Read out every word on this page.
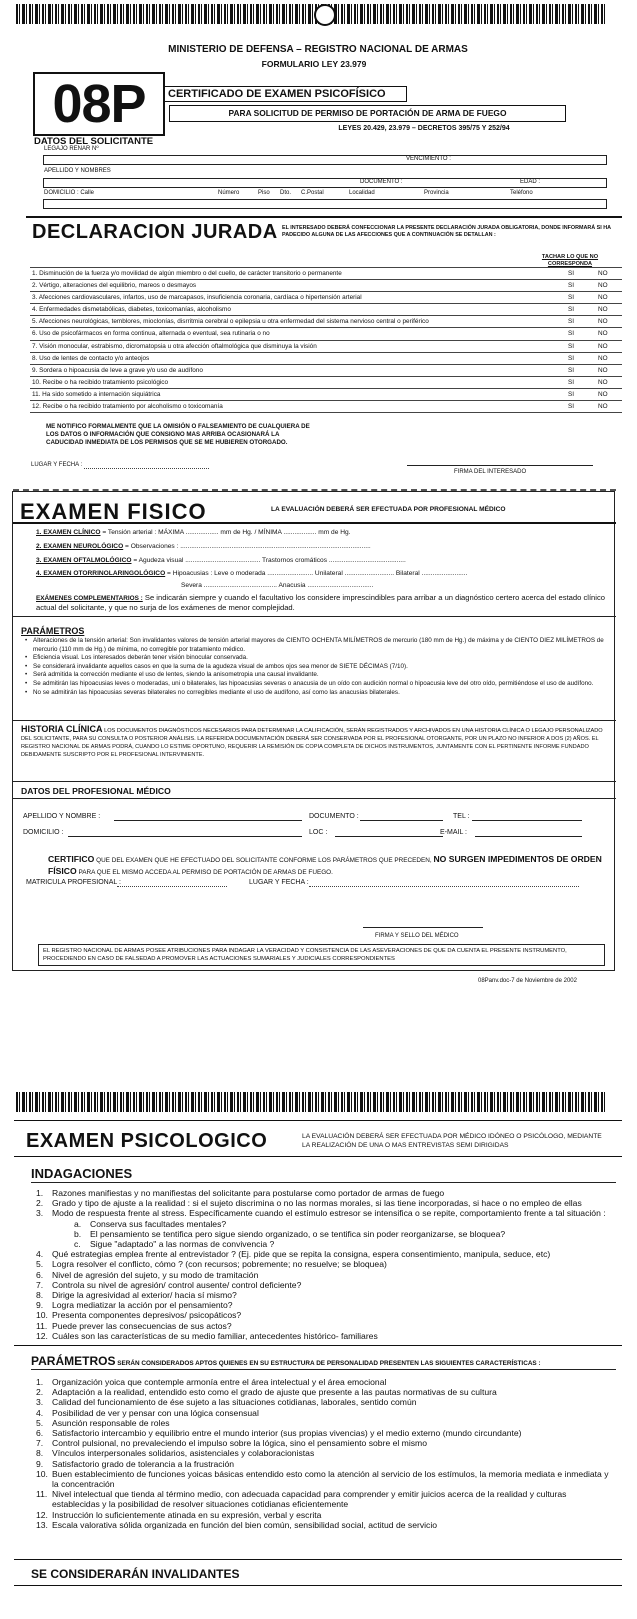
MINISTERIO DE DEFENSA – REGISTRO NACIONAL DE ARMAS
FORMULARIO LEY 23.979
08P	CERTIFICADO DE EXAMEN PSICOFÍSICO
PARA SOLICITUD DE PERMISO DE PORTACIÓN DE ARMA DE FUEGO
LEYES 20.429, 23.979 – DECRETOS 395/75 Y 252/94
DATOS DEL SOLICITANTE
LEGAJO RENAR Nº
VENCIMIENTO :
APELLIDO Y NOMBRES
DOCUMENTO :	EDAD :
DOMICILIO : Calle	Número	Piso Dto. C.Postal	Localidad	Provincia	Teléfono
DECLARACION JURADA EL INTERESADO DEBERÁ CONFECCIONAR LA PRESENTE DECLARACIÓN JURADA OBLIGATORIA, DONDE INFORMARÁ SI HA PADECIDO ALGUNA DE LAS AFECCIONES QUE A CONTINUACIÓN SE DETALLAN :
TACHAR LO QUE NO CORRESPONDA
1. Disminución de la fuerza y/o movilidad de algún miembro o del cuello, de carácter transitorio o permanente	SI	NO
2. Vértigo, alteraciones del equilibrio, mareos o desmayos	SI	NO
3. Afecciones cardiovasculares, infartos, uso de marcapasos, insuficiencia coronaria, cardíaca o hipertensión arterial	SI	NO
4. Enfermedades dismetabólicas, diabetes, toxicomanías, alcoholismo	SI	NO
5. Afecciones neurológicas, temblores, mioclonías, disrritmia cerebral o epilepsia u otra enfermedad del sistema nervioso central o periférico	SI	NO
6. Uso de psicofármacos en forma continua, alternada o eventual, sea rutinaria o no	SI	NO
7. Visión monocular, estrabismo, dicromatopsia u otra afección oftalmológica que disminuya la visión	SI	NO
8. Uso de lentes de contacto y/o anteojos	SI	NO
9. Sordera o hipoacusia de leve a grave y/o uso de audífono	SI	NO
10. Recibe o ha recibido tratamiento psicológico	SI	NO
11. Ha sido sometido a internación siquiátrica	SI	NO
12. Recibe o ha recibido tratamiento por alcoholismo o toxicomanía	SI	NO
ME NOTIFICO FORMALMENTE QUE LA OMISIÓN O FALSEAMIENTO DE CUALQUIERA DE LOS DATOS O INFORMACIÓN QUE CONSIGNO MAS ARRIBA OCASIONARÁ LA CADUCIDAD INMEDIATA DE LOS PERMISOS QUE SE ME HUBIEREN OTORGADO.
LUGAR Y FECHA :
FIRMA DEL INTERESADO
EXAMEN FISICO	LA EVALUACIÓN DEBERÁ SER EFECTUADA POR PROFESIONAL MÉDICO
1. EXAMEN CLÍNICO = Tensión arterial : MÁXIMA .................. mm de Hg. / MÍNIMA .................. mm de Hg.
2. EXAMEN NEUROLÓGICO = Observaciones : ........................................................................................................
3. EXAMEN OFTALMOLÓGICO = Agudeza visual ......................................... Trastornos cromáticos ..........................................
4. EXAMEN OTORRINOLARINGOLÓGICO = Hipoacusias : Leve o moderada ......................... Unilateral ........................... Bilateral .........................
Severa ........................................ Anacusia ....................................
EXÁMENES COMPLEMENTARIOS : Se indicarán siempre y cuando el facultativo los considere imprescindibles para arribar a un diagnóstico certero acerca del estado clínico actual del solicitante, y que no surja de los exámenes de menor complejidad.
PARÁMETROS
• Alteraciones de la tensión arterial: Son invalidantes valores de tensión arterial mayores de CIENTO OCHENTA MILÍMETROS de mercurio (180 mm de Hg.) de máxima y de CIENTO DIEZ MILÍMETROS de mercurio (110 mm de Hg.) de mínima, no corregible por tratamiento médico.
• Eficiencia visual. Los interesados deberán tener visión binocular conservada.
• Se considerará invalidante aquellos casos en que la suma de la agudeza visual de ambos ojos sea menor de SIETE DÉCIMAS (7/10).
• Será admitida la corrección mediante el uso de lentes, siendo la anisometropia una causal invalidante.
• Se admitirán las hipoacusias leves o moderadas, uni o bilaterales, las hipoacusias severas o anacusia de un oído con audición normal o hipoacusia leve del otro oído, permitiéndose el uso de audífono.
• No se admitirán las hipoacusias severas bilaterales no corregibles mediante el uso de audífono, así como las anacusias bilaterales.
HISTORIA CLÍNICA LOS DOCUMENTOS DIAGNÓSTICOS NECESARIOS PARA DETERMINAR LA CALIFICACIÓN, SERÁN REGISTRADOS Y ARCHIVADOS EN UNA HISTORIA CLÍNICA O LEGAJO PERSONALIZADO DEL SOLICITANTE, PARA SU CONSULTA O POSTERIOR ANÁLISIS. LA REFERIDA DOCUMENTACIÓN DEBERÁ SER CONSERVADA POR EL PROFESIONAL OTORGANTE, POR UN PLAZO NO INFERIOR A DOS (2) AÑOS. EL REGISTRO NACIONAL DE ARMAS PODRÁ, CUANDO LO ESTIME OPORTUNO, REQUERIR LA REMISIÓN DE COPIA COMPLETA DE DICHOS INSTRUMENTOS, JUNTAMENTE CON EL PERTINENTE INFORME FUNDADO DEBIDAMENTE SUSCRIPTO POR EL PROFESIONAL INTERVINIENTE.
DATOS DEL PROFESIONAL MÉDICO
APELLIDO Y NOMBRE :	DOCUMENTO :	TEL :
DOMICILIO :	LOC :	E-MAIL :
CERTIFICO QUE DEL EXAMEN QUE HE EFECTUADO DEL SOLICITANTE CONFORME LOS PARÁMETROS QUE PRECEDEN, NO SURGEN IMPEDIMENTOS DE ORDEN FÍSICO PARA QUE EL MISMO ACCEDA AL PERMISO DE PORTACIÓN DE ARMAS DE FUEGO.
MATRICULA PROFESIONAL :	LUGAR Y FECHA :
FIRMA Y SELLO DEL MÉDICO
EL REGISTRO NACIONAL DE ARMAS POSEE ATRIBUCIONES PARA INDAGAR LA VERACIDAD Y CONSISTENCIA DE LAS ASEVERACIONES DE QUE DA CUENTA EL PRESENTE INSTRUMENTO, PROCEDIENDO EN CASO DE FALSEDAD A PROMOVER LAS ACTUACIONES SUMARIALES Y JUDICIALES CORRESPONDIENTES
08Panv.doc-7 de Noviembre de 2002
EXAMEN PSICOLOGICO	LA EVALUACIÓN DEBERÁ SER EFECTUADA POR MÉDICO IDÓNEO O PSICÓLOGO, MEDIANTE LA REALIZACIÓN DE UNA O MAS ENTREVISTAS SEMI DIRIGIDAS
INDAGACIONES
1. Razones manifiestas y no manifiestas del solicitante para postularse como portador de armas de fuego
2. Grado y tipo de ajuste a la realidad : si el sujeto discrimina o no las normas morales, si las tiene incorporadas, si hace o no empleo de ellas
3. Modo de respuesta frente al stress. Específicamente cuando el estímulo estresor se intensifica o se repite, comportamiento frente a tal situación :
a. Conserva sus facultades mentales?
b. El pensamiento se tentifica pero sigue siendo organizado, o se tentifica sin poder reorganizarse, se bloquea?
c. Sigue "adaptado" a las normas de convivencia ?
4. Qué estrategias emplea frente al entrevistador ? (Ej. pide que se repita la consigna, espera consentimiento, manipula, seduce, etc)
5. Logra resolver el conflicto, cómo ? (con recursos; pobremente; no resuelve; se bloquea)
6. Nivel de agresión del sujeto, y su modo de tramitación
7. Controla su nivel de agresión/ control ausente/ control deficiente?
8. Dirige la agresividad al exterior/ hacia sí mismo?
9. Logra mediatizar la acción por el pensamiento?
10. Presenta componentes depresivos/ psicopáticos?
11. Puede prever las consecuencias de sus actos?
12. Cuáles son las características de su medio familiar, antecedentes histórico- familiares
PARÁMETROS SERÁN CONSIDERADOS APTOS QUIENES EN SU ESTRUCTURA DE PERSONALIDAD PRESENTEN LAS SIGUIENTES CARACTERÍSTICAS :
1. Organización yoica que contemple armonía entre el área intelectual y el área emocional
2. Adaptación a la realidad, entendido esto como el grado de ajuste que presente a las pautas normativas de su cultura
3. Calidad del funcionamiento de ése sujeto a las situaciones cotidianas, laborales, sentido común
4. Posibilidad de ver y pensar con una lógica consensual
5. Asunción responsable de roles
6. Satisfactorio intercambio y equilibrio entre el mundo interior (sus propias vivencias) y el medio externo (mundo circundante)
7. Control pulsional, no prevaleciendo el impulso sobre la lógica, sino el pensamiento sobre el mismo
8. Vínculos interpersonales solidarios, asistenciales y colaboracionistas
9. Satisfactorio grado de tolerancia a la frustración
10. Buen establecimiento de funciones yoicas básicas entendido esto como la atención al servicio de los estímulos, la memoria mediata e inmediata y la concentración
11. Nivel intelectual que tienda al término medio, con adecuada capacidad para comprender y emitir juicios acerca de la realidad y culturas establecidas y la posibilidad de resolver situaciones cotidianas eficientemente
12. Instrucción lo suficientemente atinada en su expresión, verbal y escrita
13. Escala valorativa sólida organizada en función del bien común, sensibilidad social, actitud de servicio
SE CONSIDERARÁN INVALIDANTES
